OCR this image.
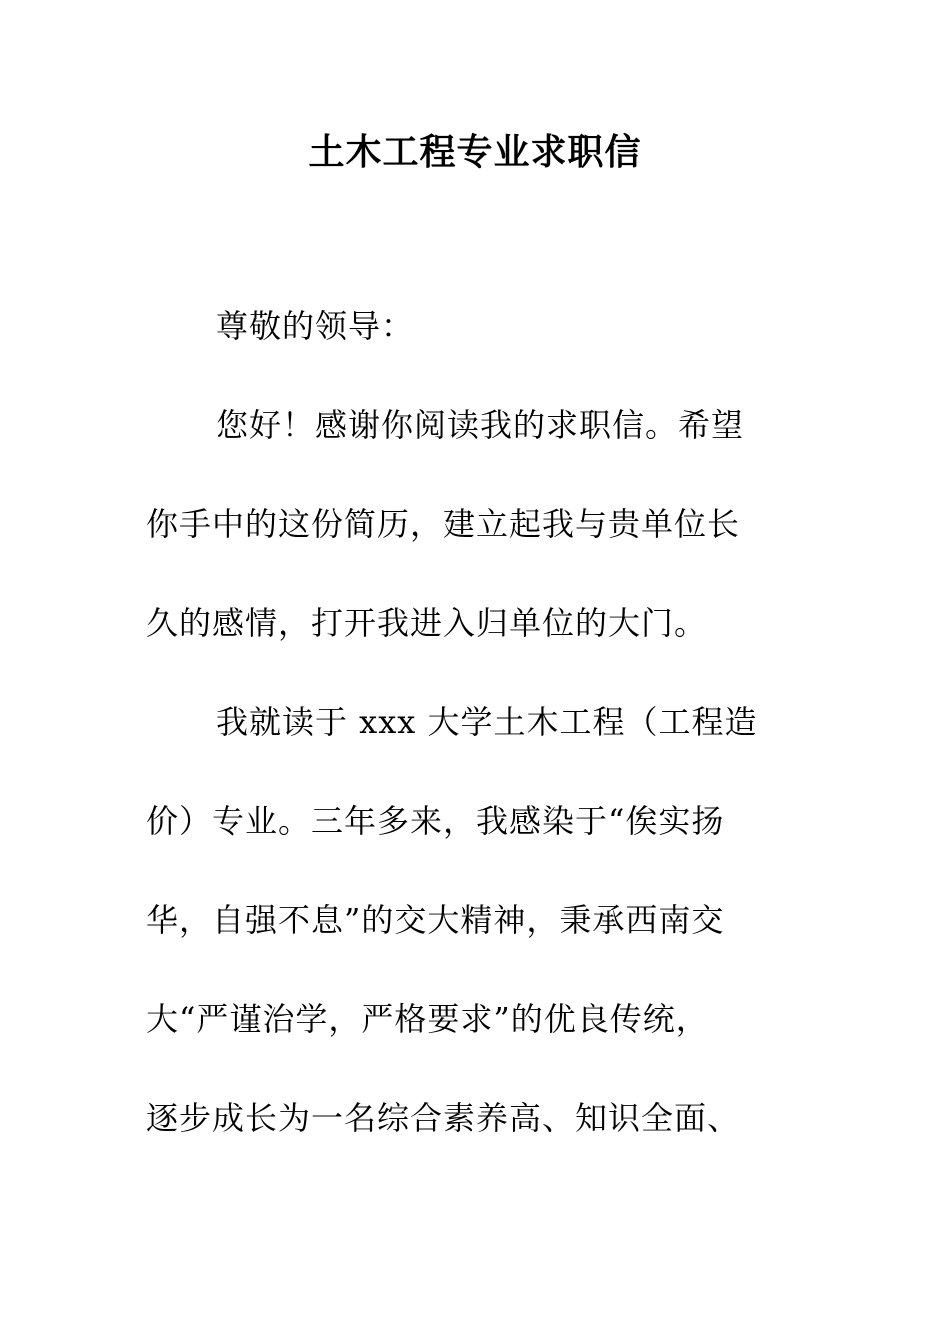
土木工程专业求职信
尊敬的领导：
您好！感谢你阅读我的求职信。希望
你手中的这份简历，建立起我与贵单位长
久的感情，打开我进入归单位的大门。
我就读于 xxx 大学土木工程（工程造
价）专业。三年多来，我感染于“俟实扬
华，自强不息”的交大精神，秉承西南交
大“严谨治学，严格要求”的优良传统，
逐步成长为一名综合素养高、知识全面、
